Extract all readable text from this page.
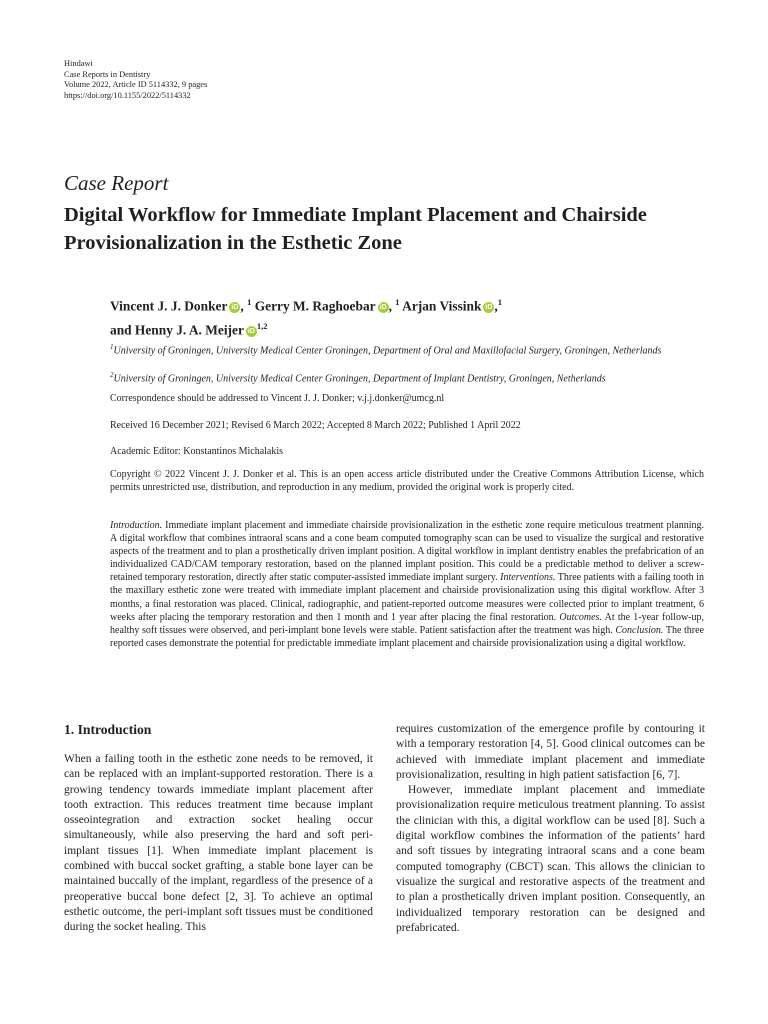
Hindawi
Case Reports in Dentistry
Volume 2022, Article ID 5114332, 9 pages
https://doi.org/10.1155/2022/5114332
Case Report
Digital Workflow for Immediate Implant Placement and Chairside Provisionalization in the Esthetic Zone
Vincent J. J. Donker iD , $^1$ Gerry M. Raghoebar iD , $^1$ Arjan Vissink iD ,$^1$
and Henny J. A. Meijer iD$^{1,2}$
$^1$University of Groningen, University Medical Center Groningen, Department of Oral and Maxillofacial Surgery, Groningen, Netherlands
$^2$University of Groningen, University Medical Center Groningen, Department of Implant Dentistry, Groningen, Netherlands
Correspondence should be addressed to Vincent J. J. Donker; v.j.j.donker@umcg.nl
Received 16 December 2021; Revised 6 March 2022; Accepted 8 March 2022; Published 1 April 2022
Academic Editor: Konstantinos Michalakis
Copyright © 2022 Vincent J. J. Donker et al. This is an open access article distributed under the Creative Commons Attribution License, which permits unrestricted use, distribution, and reproduction in any medium, provided the original work is properly cited.
Introduction. Immediate implant placement and immediate chairside provisionalization in the esthetic zone require meticulous treatment planning. A digital workflow that combines intraoral scans and a cone beam computed tomography scan can be used to visualize the surgical and restorative aspects of the treatment and to plan a prosthetically driven implant position. A digital workflow in implant dentistry enables the prefabrication of an individualized CAD/CAM temporary restoration, based on the planned implant position. This could be a predictable method to deliver a screw-retained temporary restoration, directly after static computer-assisted immediate implant surgery. Interventions. Three patients with a failing tooth in the maxillary esthetic zone were treated with immediate implant placement and chairside provisionalization using this digital workflow. After 3 months, a final restoration was placed. Clinical, radiographic, and patient-reported outcome measures were collected prior to implant treatment, 6 weeks after placing the temporary restoration and then 1 month and 1 year after placing the final restoration. Outcomes. At the 1-year follow-up, healthy soft tissues were observed, and peri-implant bone levels were stable. Patient satisfaction after the treatment was high. Conclusion. The three reported cases demonstrate the potential for predictable immediate implant placement and chairside provisionalization using a digital workflow.
1. Introduction

When a failing tooth in the esthetic zone needs to be removed, it can be replaced with an implant-supported restoration. There is a growing tendency towards immediate implant placement after tooth extraction. This reduces treatment time because implant osseointegration and extraction socket healing occur simultaneously, while also preserving the hard and soft peri-implant tissues [1]. When immediate implant placement is combined with buccal socket grafting, a stable bone layer can be maintained buccally of the implant, regardless of the presence of a preoperative buccal bone defect [2, 3]. To achieve an optimal esthetic outcome, the peri-implant soft tissues must be conditioned during the socket healing. This

requires customization of the emergence profile by contouring it with a temporary restoration [4, 5]. Good clinical outcomes can be achieved with immediate implant placement and immediate provisionalization, resulting in high patient satisfaction [6, 7].

However, immediate implant placement and immediate provisionalization require meticulous treatment planning. To assist the clinician with this, a digital workflow can be used [8]. Such a digital workflow combines the information of the patients’ hard and soft tissues by integrating intraoral scans and a cone beam computed tomography (CBCT) scan. This allows the clinician to visualize the surgical and restorative aspects of the treatment and to plan a prosthetically driven implant position. Consequently, an individualized temporary restoration can be designed and prefabricated.
